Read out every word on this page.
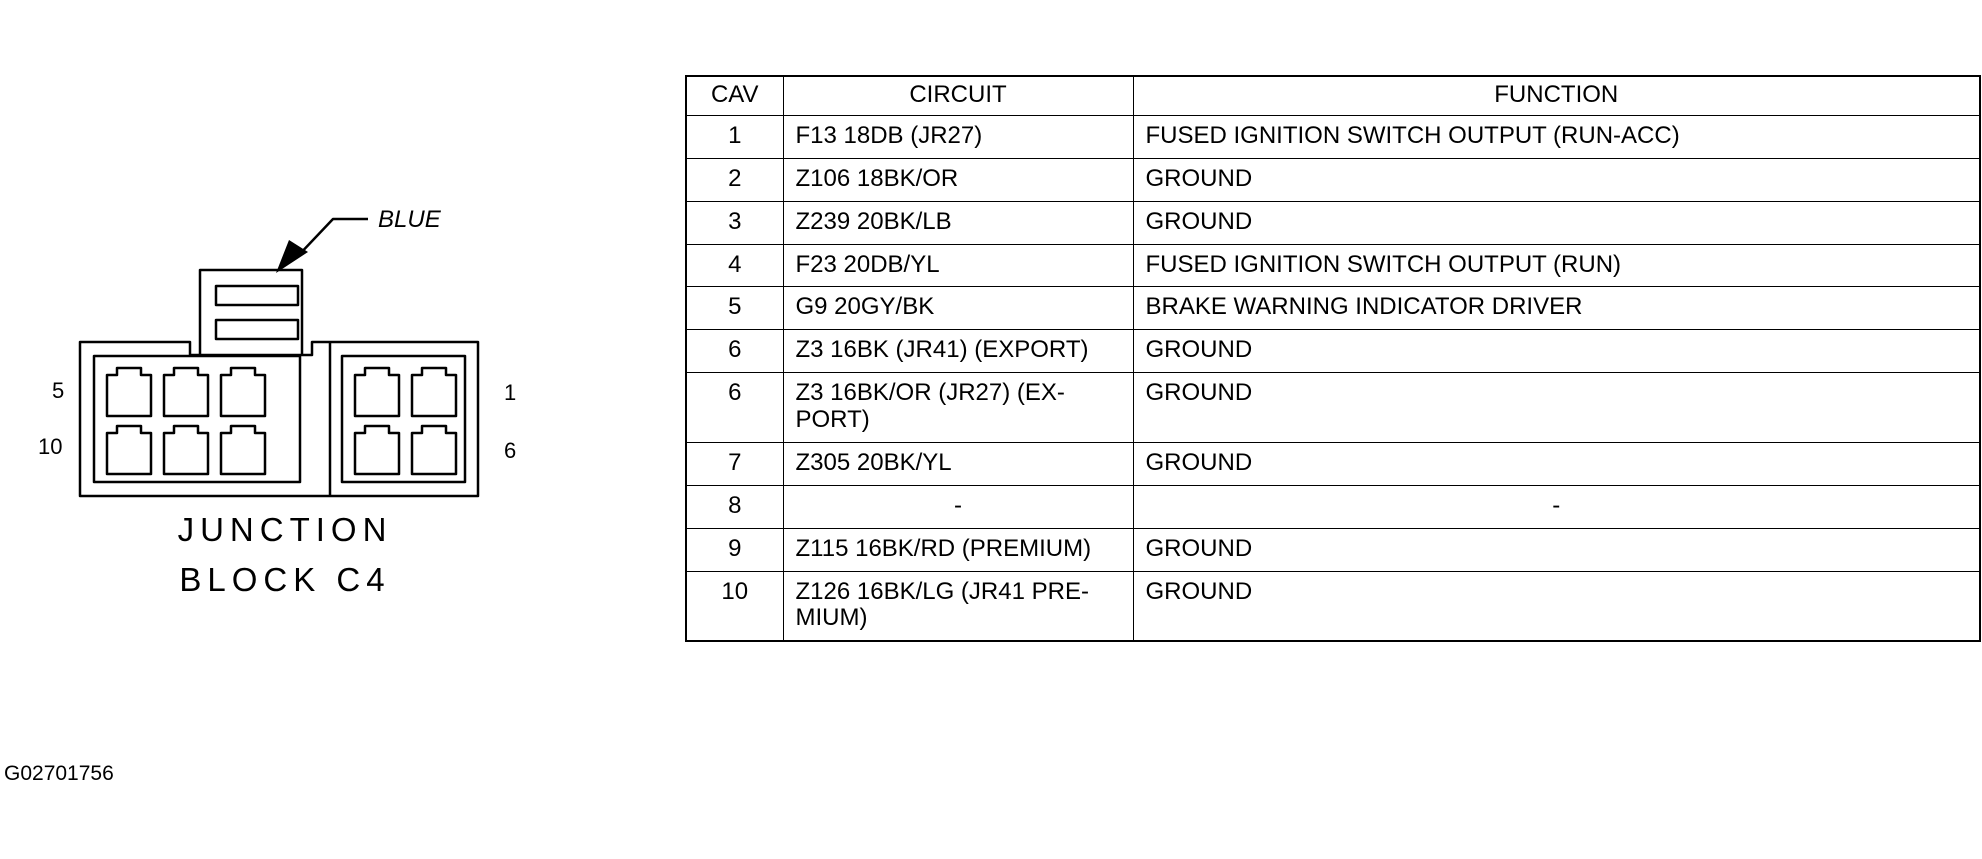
BLUE
5	1
10	6
JUNCTION
BLOCK C4
CAV	CIRCUIT	FUNCTION
1	F13 18DB (JR27)	FUSED IGNITION SWITCH OUTPUT (RUN-ACC)
2	Z106 18BK/OR	GROUND
3	Z239 20BK/LB	GROUND
4	F23 20DB/YL	FUSED IGNITION SWITCH OUTPUT (RUN)
5	G9 20GY/BK	BRAKE WARNING INDICATOR DRIVER
6	Z3 16BK (JR41) (EXPORT)	GROUND
6	Z3 16BK/OR (JR27) (EX-PORT)	GROUND
7	Z305 20BK/YL	GROUND
8	-	-
9	Z115 16BK/RD (PREMIUM)	GROUND
10	Z126 16BK/LG (JR41 PRE-MIUM)	GROUND
G02701756
